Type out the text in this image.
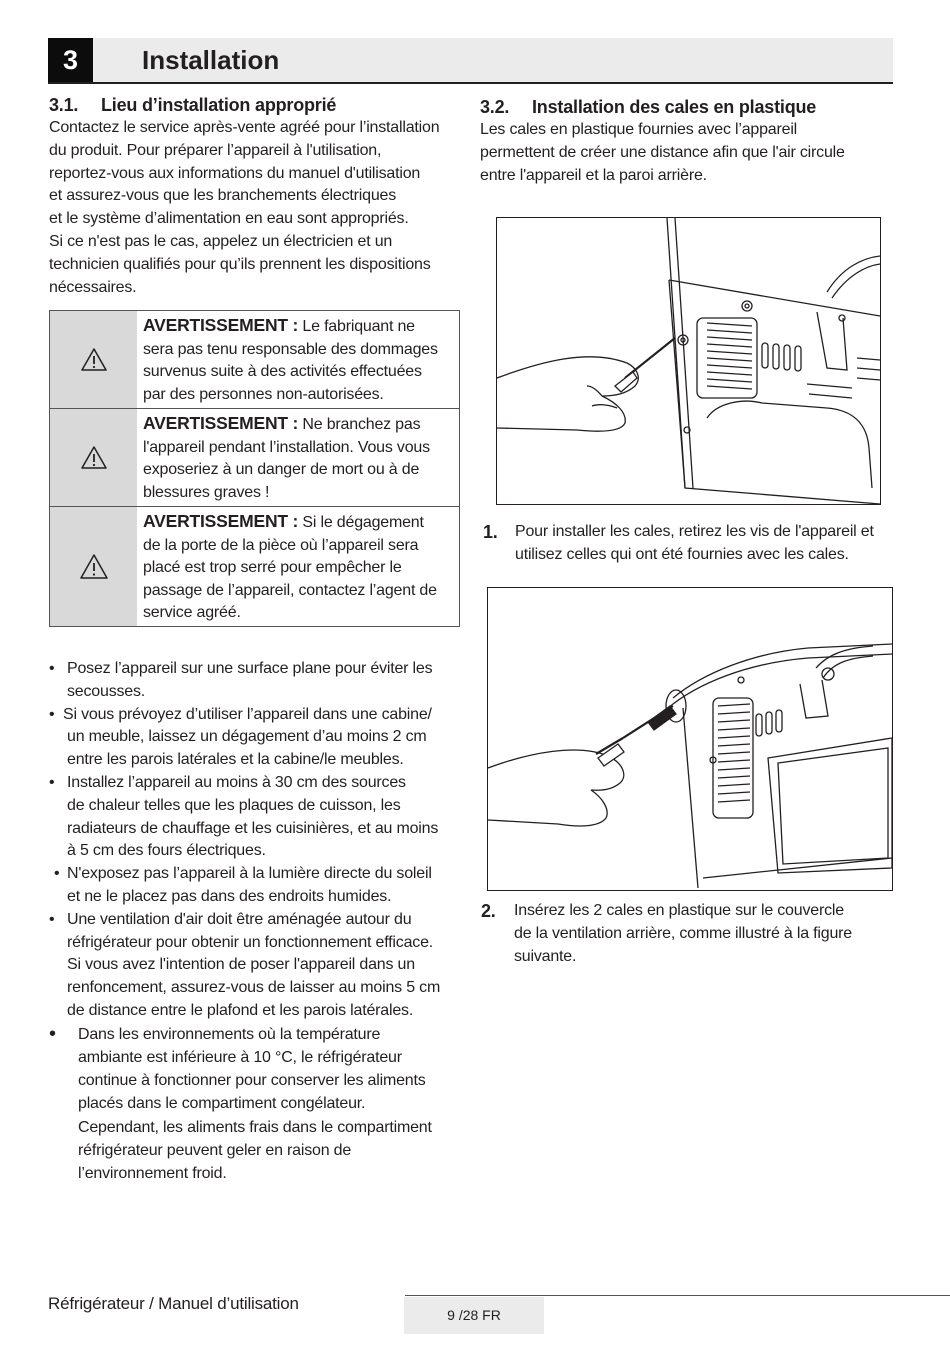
3	Installation
3.1. Lieu d’installation approprié
Contactez le service après-vente agréé pour l’installation
du produit. Pour préparer l’appareil à l'utilisation,
reportez-vous aux informations du manuel d'utilisation
et assurez-vous que les branchements électriques
et le système d’alimentation en eau sont appropriés.
Si ce n'est pas le cas, appelez un électricien et un
technicien qualifiés pour qu’ils prennent les dispositions
nécessaires.
AVERTISSEMENT : Le fabriquant ne
sera pas tenu responsable des dommages
survenus suite à des activités effectuées
par des personnes non-autorisées.
AVERTISSEMENT : Ne branchez pas
l'appareil pendant l’installation. Vous vous
exposeriez à un danger de mort ou à de
blessures graves !
AVERTISSEMENT : Si le dégagement
de la porte de la pièce où l’appareil sera
placé est trop serré pour empêcher le
passage de l’appareil, contactez l’agent de
service agréé.
• Posez l’appareil sur une surface plane pour éviter les
secousses.
• Si vous prévoyez d’utiliser l’appareil dans une cabine/
un meuble, laissez un dégagement d’au moins 2 cm
entre les parois latérales et la cabine/le meubles.
• Installez l’appareil au moins à 30 cm des sources
de chaleur telles que les plaques de cuisson, les
radiateurs de chauffage et les cuisinières, et au moins
à 5 cm des fours électriques.
• N'exposez pas l’appareil à la lumière directe du soleil
et ne le placez pas dans des endroits humides.
• Une ventilation d'air doit être aménagée autour du
réfrigérateur pour obtenir un fonctionnement efficace.
Si vous avez l'intention de poser l'appareil dans un
renfoncement, assurez-vous de laisser au moins 5 cm
de distance entre le plafond et les parois latérales.
• Dans les environnements où la température
ambiante est inférieure à 10 °C, le réfrigérateur
continue à fonctionner pour conserver les aliments
placés dans le compartiment congélateur.
Cependant, les aliments frais dans le compartiment
réfrigérateur peuvent geler en raison de
l’environnement froid.
3.2. Installation des cales en plastique
Les cales en plastique fournies avec l’appareil
permettent de créer une distance afin que l'air circule
entre l'appareil et la paroi arrière.
1. Pour installer les cales, retirez les vis de l'appareil et
utilisez celles qui ont été fournies avec les cales.
2. Insérez les 2 cales en plastique sur le couvercle
de la ventilation arrière, comme illustré à la figure
suivante.
Réfrigérateur / Manuel d’utilisation
9 /28 FR
